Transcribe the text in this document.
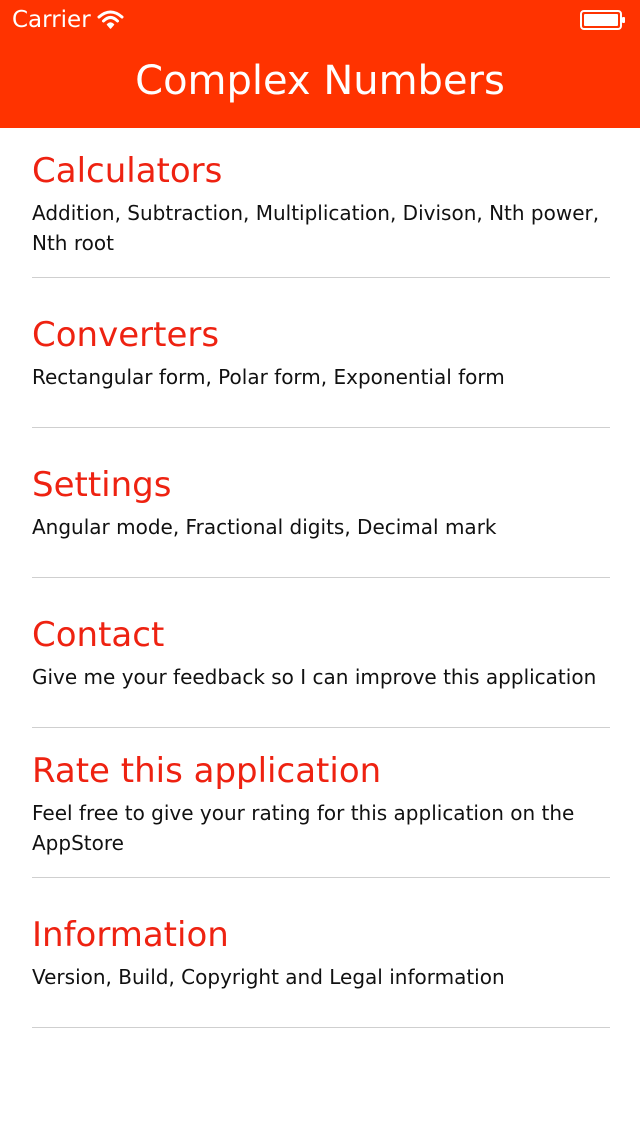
Carrier
Complex Numbers
Calculators
Addition, Subtraction, Multiplication, Divison, Nth power, Nth root
Converters
Rectangular form, Polar form, Exponential form
Settings
Angular mode, Fractional digits, Decimal mark
Contact
Give me your feedback so I can improve this application
Rate this application
Feel free to give your rating for this application on the AppStore
Information
Version, Build, Copyright and Legal information
